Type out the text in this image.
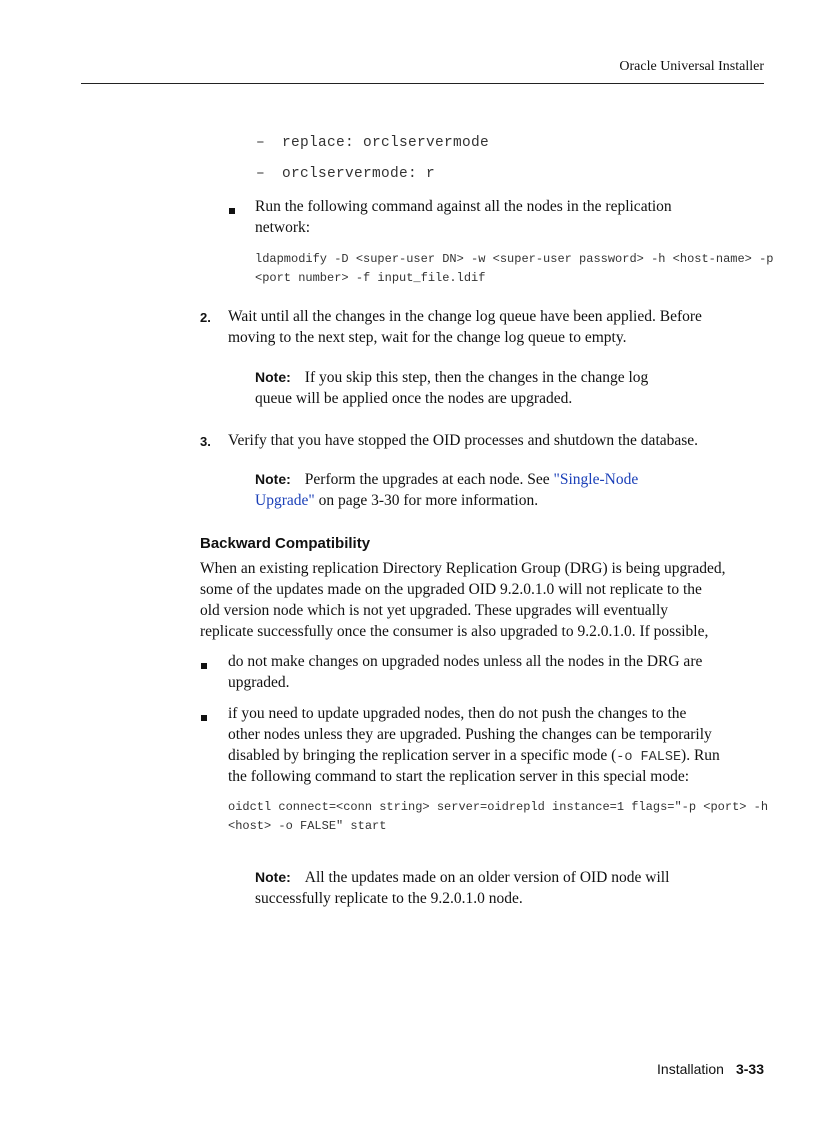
Oracle Universal Installer
– replace: orclservermode
– orclservermode: r
Run the following command against all the nodes in the replication
network:
ldapmodify -D <super-user DN> -w <super-user password> -h <host-name> -p
<port number> -f input_file.ldif
2. Wait until all the changes in the change log queue have been applied. Before
moving to the next step, wait for the change log queue to empty.
Note: If you skip this step, then the changes in the change log
queue will be applied once the nodes are upgraded.
3. Verify that you have stopped the OID processes and shutdown the database.
Note: Perform the upgrades at each node. See "Single-Node
Upgrade" on page 3-30 for more information.
Backward Compatibility
When an existing replication Directory Replication Group (DRG) is being upgraded,
some of the updates made on the upgraded OID 9.2.0.1.0 will not replicate to the
old version node which is not yet upgraded. These upgrades will eventually
replicate successfully once the consumer is also upgraded to 9.2.0.1.0. If possible,
do not make changes on upgraded nodes unless all the nodes in the DRG are
upgraded.
if you need to update upgraded nodes, then do not push the changes to the
other nodes unless they are upgraded. Pushing the changes can be temporarily
disabled by bringing the replication server in a specific mode (-o FALSE). Run
the following command to start the replication server in this special mode:
oidctl connect=<conn string> server=oidrepld instance=1 flags="-p <port> -h
<host> -o FALSE" start
Note: All the updates made on an older version of OID node will
successfully replicate to the 9.2.0.1.0 node.
Installation 3-33
